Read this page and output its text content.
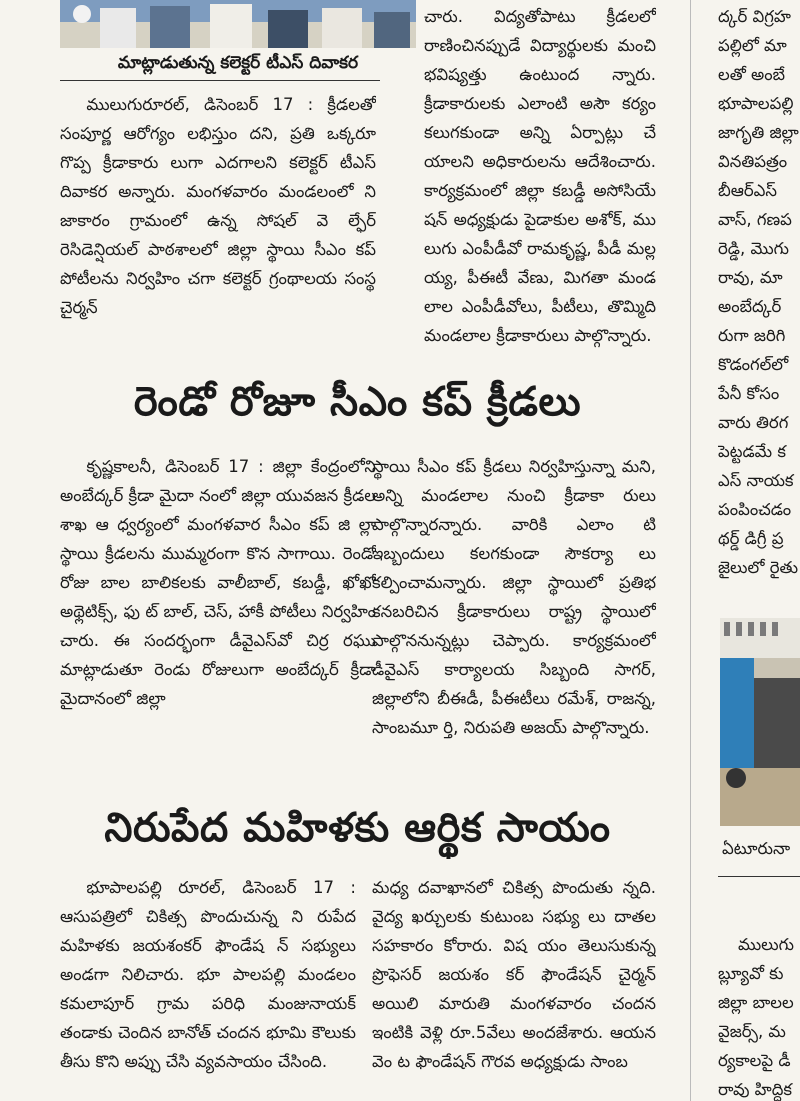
మాట్లాడుతున్న కలెక్టర్ టీఎస్ దివాకర

ములుగురూరల్, డిసెంబర్ 17 : క్రీడలతో సంపూర్ణ ఆరోగ్యం లభిస్తుం దని, ప్రతి ఒక్కరూ గొప్ప క్రీడాకారు లుగా ఎదగాలని కలెక్టర్ టీఎస్ దివాకర అన్నారు. మంగళవారం మండలంలో ని జాకారం గ్రామంలో ఉన్న సోషల్ వె ల్ఫేర్ రెసిడెన్షియల్ పాఠశాలలో జిల్లా స్థాయి సీఎం కప్ పోటీలను నిర్వహిం చగా కలెక్టర్ గ్రంథాలయ సంస్థ చైర్మన్

చారు. విద్యతోపాటు క్రీడలలో రాణించినప్పుడే విద్యార్థులకు మంచి భవిష్యత్తు ఉంటుంద న్నారు. క్రీడాకారులకు ఎలాంటి అసౌ కర్యం కలుగకుండా అన్ని ఏర్పాట్లు చే యాలని అధికారులను ఆదేశించారు. కార్యక్రమంలో జిల్లా కబడ్డీ అసోసియే షన్ అధ్యక్షుడు పైడాకుల అశోక్, ము లుగు ఎంపీడీవో రామకృష్ణ, పీడీ మల్ల య్య, పీఈటీ వేణు, మిగతా మండ లాల ఎంపీడీవోలు, పీటీలు, తొమ్మిది మండలాల క్రీడాకారులు పాల్గొన్నారు.

రెండో రోజూ సీఎం కప్ క్రీడలు

కృష్ణకాలనీ, డిసెంబర్ 17 : జిల్లా కేంద్రంలోని అంబేద్కర్ క్రీడా మైదా నంలో జిల్లా యువజన క్రీడల శాఖ ఆ ధ్వర్యంలో మంగళవార సీఎం కప్ జి ల్లా స్థాయి క్రీడలను ముమ్మరంగా కొన సాగాయి. రెండో రోజు బాల బాలికలకు వాలీబాల్, కబడ్డీ, ఖోఖో అథ్లెటిక్స్, ఫు ట్ బాల్, చెస్, హాకీ పోటీలు నిర్వహిం చారు. ఈ సందర్భంగా డీవైఎస్‌వో చిర్ర రఘు మాట్లాడుతూ రెండు రోజులుగా అంబేద్కర్ క్రీడా మైదానంలో జిల్లా

స్థాయి సీఎం కప్ క్రీడలు నిర్వహిస్తున్నా మని, అన్ని మండలాల నుంచి క్రీడాకా రులు పాల్గొన్నారన్నారు. వారికి ఎలాం టి ఇబ్బందులు కలగకుండా సౌకర్యా లు కల్పించామన్నారు. జిల్లా స్థాయిలో ప్రతిభ కనబరిచిన క్రీడాకారులు రాష్ట్ర స్థాయిలో పాల్గొననున్నట్లు చెప్పారు. కార్యక్రమంలో డీవైఎస్ కార్యాలయ సిబ్బంది సాగర్, జిల్లాలోని బీఈడీ, పీఈటీలు రమేశ్, రాజన్న, సాంబమూ ర్తి, నిరుపతి అజయ్ పాల్గొన్నారు.

నిరుపేద మహిళకు ఆర్థిక సాయం

భూపాలపల్లి రూరల్, డిసెంబర్ 17 : ఆసుపత్రిలో చికిత్స పొందుచున్న ని రుపేద మహిళకు జయశంకర్ ఫౌండేష న్ సభ్యులు అండగా నిలిచారు. భూ పాలపల్లి మండలం కమలాపూర్ గ్రామ పరిధి మంజునాయక్ తండాకు చెందిన బానోత్ చందన భూమి కౌలుకు తీసు కొని అప్పు చేసి వ్యవసాయం చేసింది.

మధ్య దవాఖానలో చికిత్స పొందుతు న్నది. వైద్య ఖర్చులకు కుటుంబ సభ్యు లు దాతల సహకారం కోరారు. విష యం తెలుసుకున్న ప్రొఫెసర్ జయశం కర్ ఫౌండేషన్ చైర్మన్ అయిలి మారుతి మంగళవారం చందన ఇంటికి వెళ్లి రూ.5వేలు అందజేశారు. ఆయన వెం ట ఫౌండేషన్ గౌరవ అధ్యక్షుడు సాంబ

ద్కర్ విగ్రహ
పల్లిలో మా
లతో అంబే
భూపాలపల్లి
జాగృతి జిల్లా
వినతిపత్రం
బీఆర్ఎస్
వాస్, గణప
రెడ్డి, మొగు
రావు, మా
అంబేద్కర్
రుగా జరిగి
కొడంగల్‌లో
పేనీ కోసం
వారు తిరగ
పెట్టడమే క
ఎస్ నాయక
పంపించడం
థర్డ్ డిగ్రీ ప్ర
జైలులో రైతు
ఏటూరునా
ములుగు
బ్ల్యూవో కు
జిల్లా బాలల
వైజర్స్, మ
ర్యకాలపై డీ
రావు హిద్దిక
